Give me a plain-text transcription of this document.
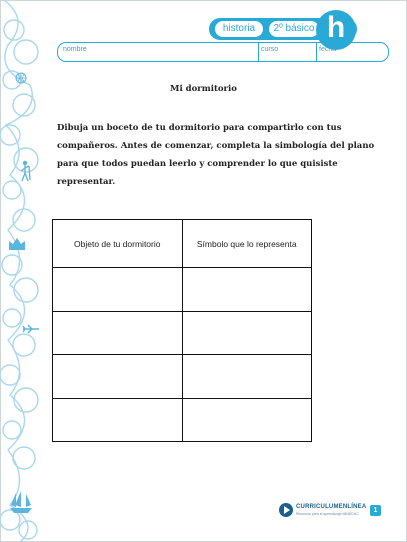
historia	2º básico h
nombre	curso	fecha
Mi dormitorio
Dibuja un boceto de tu dormitorio para compartirlo con tus compañeros. Antes de comenzar, completa la simbología del plano para que todos puedan leerlo y comprender lo que quisiste representar.
Objeto de tu dormitorio	Símbolo que lo representa

CURRICULUMENLÍNEA
Recursos para el aprendizaje MINEDUC	1
